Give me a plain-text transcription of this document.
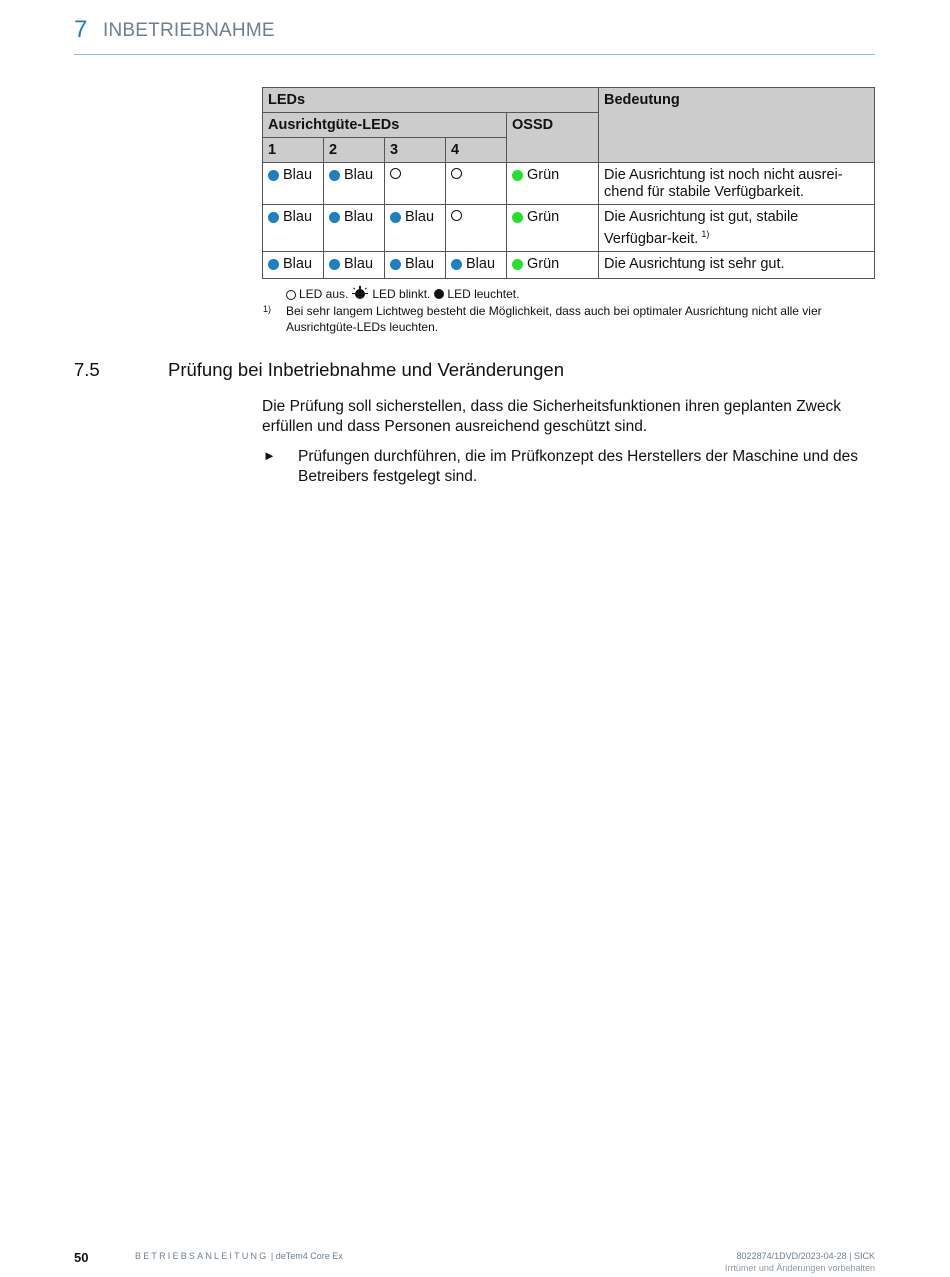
7 INBETRIEBNAHME
LEDs					Bedeutung
Ausrichtgüte-LEDs				OSSD	
1	2	3	4		

Blau	Blau			Grün	Die Ausrichtung ist noch nicht ausrei-chend für stabile Verfügbarkeit.

Blau	Blau	Blau		Grün	Die Ausrichtung ist gut, stabile Verfügbar-keit. $^{1)}$

Blau	Blau	Blau	Blau	Grün	Die Ausrichtung ist sehr gut.
LED aus. LED blinkt. LED leuchtet.
1) Bei sehr langem Lichtweg besteht die Möglichkeit, dass auch bei optimaler Ausrichtung nicht alle vier Ausrichtgüte-LEDs leuchten.
7.5	Prüfung bei Inbetriebnahme und Veränderungen
Die Prüfung soll sicherstellen, dass die Sicherheitsfunktionen ihren geplanten Zweck erfüllen und dass Personen ausreichend geschützt sind.
► Prüfungen durchführen, die im Prüfkonzept des Herstellers der Maschine und des Betreibers festgelegt sind.
50	BETRIEBSANLEITUNG | deTem4 Core Ex	8022874/1DVD/2023-04-28 | SICK
Irrtümer und Änderungen vorbehalten
